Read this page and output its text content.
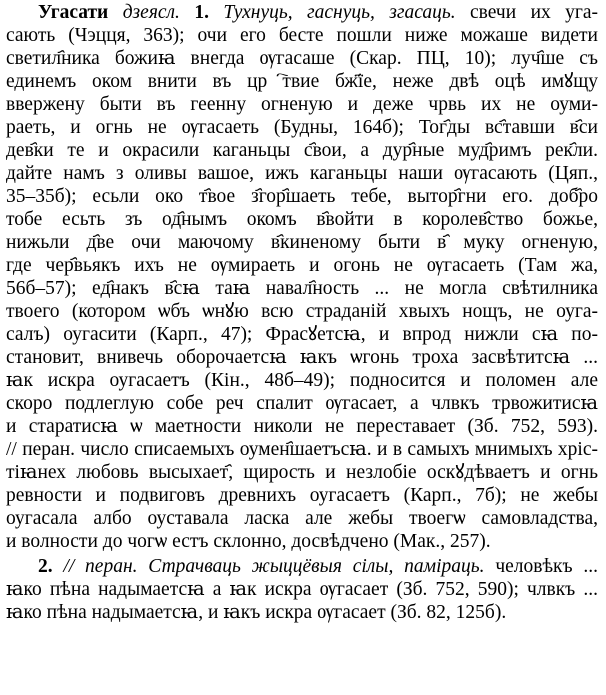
Угасати дзеясл. 1. Тухнуць, гаснуць, згасаць. свечи их уга-
сають (Чэцця, 363); очи его бесте пошли ниже можаше видети
светил҄ника божиꙗ внегда ѹгасаше (Скар. ПЦ, 10); луч҄ше съ
единемъ оком внити въ црⷭ҇твие бж҃ïе, неже двѣ оцѣ имꙋщу
ввержену быти въ геенну огненую и деже чрвь их не оуми-
раеть, и огнь не ѹгасаеть (Будны, 164б); Тог҄ды вс҄тавши в҄си
дев҄ки те и окрасили каганьцы с҄вои, а дур҄ные муд҄римъ рек҄ли.
дайте намъ з оливы вашое, ижъ каганьцы наши ѹгасають (Цяп.,
35–35б); есьли око т҄вое з҄гор҄шаеть тебе, вытор҄гни его. доб҄ро
тобе есьть зъ од҄нымъ окомъ в҄войти в королев҄ство божье,
нижьли д҄ве очи маючому в҄киненому быти в҄ муку огненую,
где чер҄вьякъ ихъ не ѹмираеть и огонь не ѹгасаеть (Там жа,
56б–57); ед҄накъ в҄сꙗ таꙗ навал҄ность ... не могла свѣтилника
твоего (котором ѡбъ ѡнꙋю всю страданiй хвыхъ нощъ, не оуга-
салъ) оугасити (Карп., 47); Фрасꙋетсꙗ, и впрод нижли сꙗ по-
становит, внивечь оборочаетсꙗ ꙗкъ ѡгонь троха засвѣтитсꙗ ...
ꙗк искра оугасаетъ (Кін., 48б–49); подносится и поломен але
скоро подлеглую собе реч спалит ѹгасает, а члвкъ трвожитисꙗ
и старатисꙗ ѡ маетности николи не переставает (Зб. 752, 593).
// перан. число списаемыхъ оумен҄шаетъсꙗ. и в самыхъ мнимыхъ хрiс-
тiꙗнех любовь высыхает҄, щирость и незлобiе оскꙋдѣваетъ и огнь
ревности и подвиговъ древнихъ оугасаетъ (Карп., 7б); не жебы
оугасала албо оуставала ласка але жебы твоегѡ самовладства,
и волности до чогѡ естъ склонно, досвѣдчено (Мак., 257).
2. // перан. Страчваць жыццёвыя сілы, паміраць. человѣкъ ...
ꙗко пѣна надымаетсꙗ а ꙗк искра ѹгасает (Зб. 752, 590); члвкъ ...
ꙗко пѣна надымаетсꙗ, и ꙗкъ искра ѹгасает (Зб. 82, 125б).
